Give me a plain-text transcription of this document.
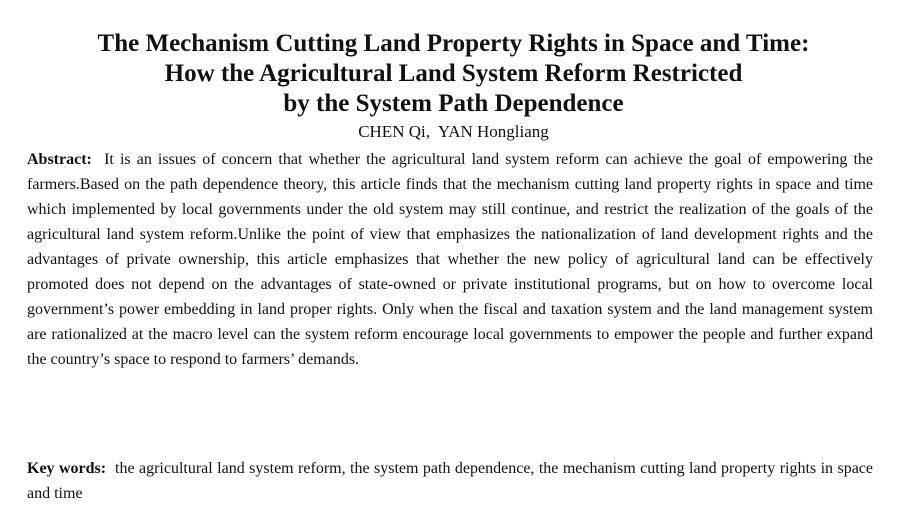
The Mechanism Cutting Land Property Rights in Space and Time:
How the Agricultural Land System Reform Restricted
by the System Path Dependence
CHEN Qi,  YAN Hongliang

Abstract: It is an issues of concern that whether the agricultural land system reform can achieve the goal of empowering the farmers.Based on the path dependence theory, this article finds that the mechanism cutting land property rights in space and time which implemented by local governments under the old system may still continue, and restrict the realization of the goals of the agricultural land system reform.Unlike the point of view that emphasizes the nationalization of land development rights and the advantages of private ownership, this article emphasizes that whether the new policy of agricultural land can be effectively promoted does not depend on the advantages of state-owned or private institutional programs, but on how to overcome local government’s power embedding in land proper rights. Only when the fiscal and taxation system and the land management system are rationalized at the macro level can the system reform encourage local governments to empower the people and further expand the country’s space to respond to farmers’ demands.

Key words: the agricultural land system reform, the system path dependence, the mechanism cutting land property rights in space and time
